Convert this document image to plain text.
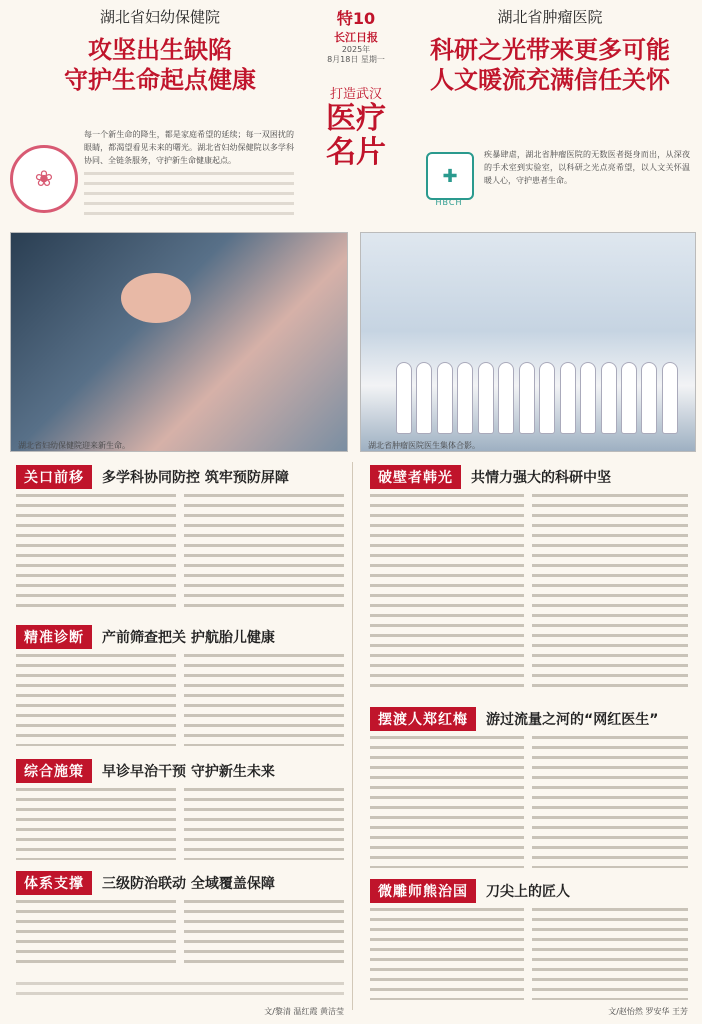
湖北省妇幼保健院
攻坚出生缺陷
守护生命起点健康
特10
长江日报
2025年
8月18日 星期一
打造武汉
医疗
名片
湖北省肿瘤医院
科研之光带来更多可能
人文暖流充满信任关怀
❀
每一个新生命的降生，都是家庭希望的延续；每一双困扰的眼睛，都渴望看见未来的曙光。湖北省妇幼保健院以多学科协同、全链条服务，守护新生命健康起点。
✚
HBCH
疾暴肆虐，湖北省肿瘤医院的无数医者挺身而出，从深夜的手术室到实验室，以科研之光点亮希望，以人文关怀温暖人心，守护患者生命。
湖北省妇幼保健院迎来新生命。	湖北省肿瘤医院医生集体合影。
关口前移	多学科协同防控 筑牢预防屏障
精准诊断	产前筛查把关 护航胎儿健康
综合施策	早诊早治干预 守护新生未来
体系支撑	三级防治联动 全域覆盖保障
文/黎清 温红霞 黄洁莹
破壁者韩光	共情力强大的科研中坚
摆渡人郑红梅	游过流量之河的“网红医生”
微雕师熊治国	刀尖上的匠人
文/赵怡然 罗安华 王芳
